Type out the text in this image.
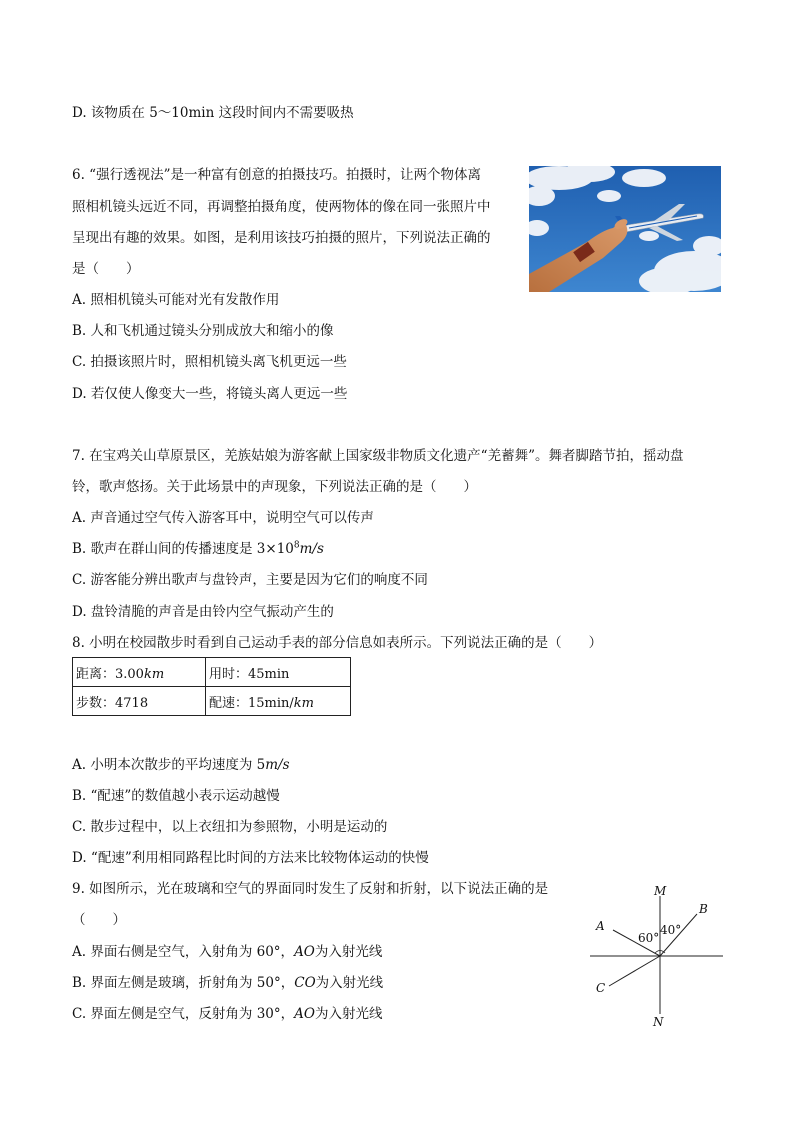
D. 该物质在 5～10min 这段时间内不需要吸热
6. “强行透视法”是一种富有创意的拍摄技巧。拍摄时，让两个物体离
照相机镜头远近不同，再调整拍摄角度，使两物体的像在同一张照片中
呈现出有趣的效果。如图，是利用该技巧拍摄的照片，下列说法正确的
是（　　）
A. 照相机镜头可能对光有发散作用
B. 人和飞机通过镜头分别成放大和缩小的像
C. 拍摄该照片时，照相机镜头离飞机更远一些
D. 若仅使人像变大一些，将镜头离人更远一些
7. 在宝鸡关山草原景区，羌族姑娘为游客献上国家级非物质文化遗产“羌蓄舞”。舞者脚踏节拍，摇动盘
铃，歌声悠扬。关于此场景中的声现象，下列说法正确的是（　　）
A. 声音通过空气传入游客耳中，说明空气可以传声
B. 歌声在群山间的传播速度是 $3\times 10^8m/s$
C. 游客能分辨出歌声与盘铃声，主要是因为它们的响度不同
D. 盘铃清脆的声音是由铃内空气振动产生的
8. 小明在校园散步时看到自己运动手表的部分信息如表所示。下列说法正确的是（　　）
距离：3.00km	用时：45min
步数：4718	配速：15min/km
A. 小明本次散步的平均速度为 5m/s
B. “配速”的数值越小表示运动越慢
C. 散步过程中，以上衣纽扣为参照物，小明是运动的
D. “配速”利用相同路程比时间的方法来比较物体运动的快慢
9. 如图所示，光在玻璃和空气的界面同时发生了反射和折射，以下说法正确的是
（　　）
A. 界面右侧是空气，入射角为 60°，AO为入射光线
B. 界面左侧是玻璃，折射角为 50°，CO为入射光线
C. 界面左侧是空气，反射角为 30°，AO为入射光线
M
N
A
B
C
60°
40°
